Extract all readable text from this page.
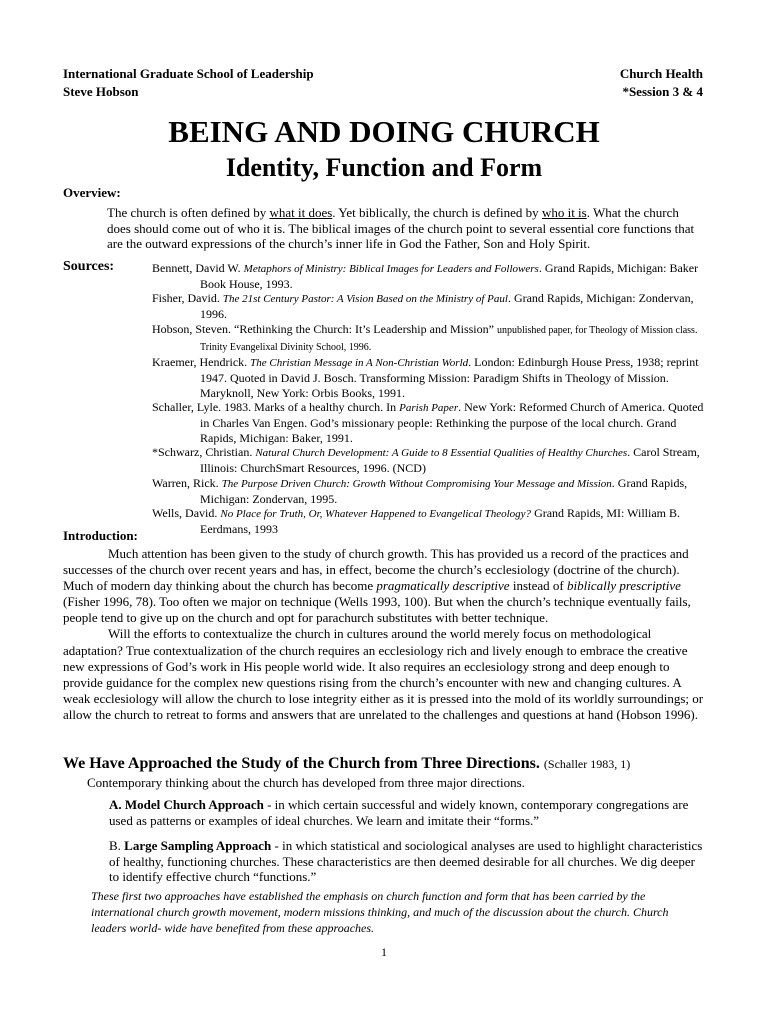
International Graduate School of Leadership	Church Health
Steve Hobson	*Session 3 & 4
BEING AND DOING CHURCH
Identity, Function and Form
Overview:
The church is often defined by what it does. Yet biblically, the church is defined by who it is. What the church does should come out of who it is. The biblical images of the church point to several essential core functions that are the outward expressions of the church’s inner life in God the Father, Son and Holy Spirit.
Sources:	Bennett, David W. Metaphors of Ministry: Biblical Images for Leaders and Followers. Grand Rapids, Michigan: Baker Book House, 1993.
Fisher, David. The 21st Century Pastor: A Vision Based on the Ministry of Paul. Grand Rapids, Michigan: Zondervan, 1996.
Hobson, Steven. “Rethinking the Church: It’s Leadership and Mission” unpublished paper, for Theology of Mission class. Trinity Evangelixal Divinity School, 1996.
Kraemer, Hendrick. The Christian Message in A Non-Christian World. London: Edinburgh House Press, 1938; reprint 1947. Quoted in David J. Bosch. Transforming Mission: Paradigm Shifts in Theology of Mission. Maryknoll, New York: Orbis Books, 1991.
Schaller, Lyle. 1983. Marks of a healthy church. In Parish Paper. New York: Reformed Church of America. Quoted in Charles Van Engen. God’s missionary people: Rethinking the purpose of the local church. Grand Rapids, Michigan: Baker, 1991.
*Schwarz, Christian. Natural Church Development: A Guide to 8 Essential Qualities of Healthy Churches. Carol Stream, Illinois: ChurchSmart Resources, 1996. (NCD)
Warren, Rick. The Purpose Driven Church: Growth Without Compromising Your Message and Mission. Grand Rapids, Michigan: Zondervan, 1995.
Wells, David. No Place for Truth, Or, Whatever Happened to Evangelical Theology? Grand Rapids, MI: William B. Eerdmans, 1993
Introduction:

Much attention has been given to the study of church growth. This has provided us a record of the practices and successes of the church over recent years and has, in effect, become the church’s ecclesiology (doctrine of the church). Much of modern day thinking about the church has become pragmatically descriptive instead of biblically prescriptive (Fisher 1996, 78). Too often we major on technique (Wells 1993, 100). But when the church’s technique eventually fails, people tend to give up on the church and opt for parachurch substitutes with better technique.

Will the efforts to contextualize the church in cultures around the world merely focus on methodological adaptation? True contextualization of the church requires an ecclesiology rich and lively enough to embrace the creative new expressions of God’s work in His people world wide. It also requires an ecclesiology strong and deep enough to provide guidance for the complex new questions rising from the church’s encounter with new and changing cultures. A weak ecclesiology will allow the church to lose integrity either as it is pressed into the mold of its worldly surroundings; or allow the church to retreat to forms and answers that are unrelated to the challenges and questions at hand (Hobson 1996).

We Have Approached the Study of the Church from Three Directions. (Schaller 1983, 1)
Contemporary thinking about the church has developed from three major directions.
A. Model Church Approach - in which certain successful and widely known, contemporary congregations are used as patterns or examples of ideal churches. We learn and imitate their “forms.”
B. Large Sampling Approach - in which statistical and sociological analyses are used to highlight characteristics of healthy, functioning churches. These characteristics are then deemed desirable for all churches. We dig deeper to identify effective church “functions.”
These first two approaches have established the emphasis on church function and form that has been carried by the international church growth movement, modern missions thinking, and much of the discussion about the church. Church leaders world- wide have benefited from these approaches.
1
